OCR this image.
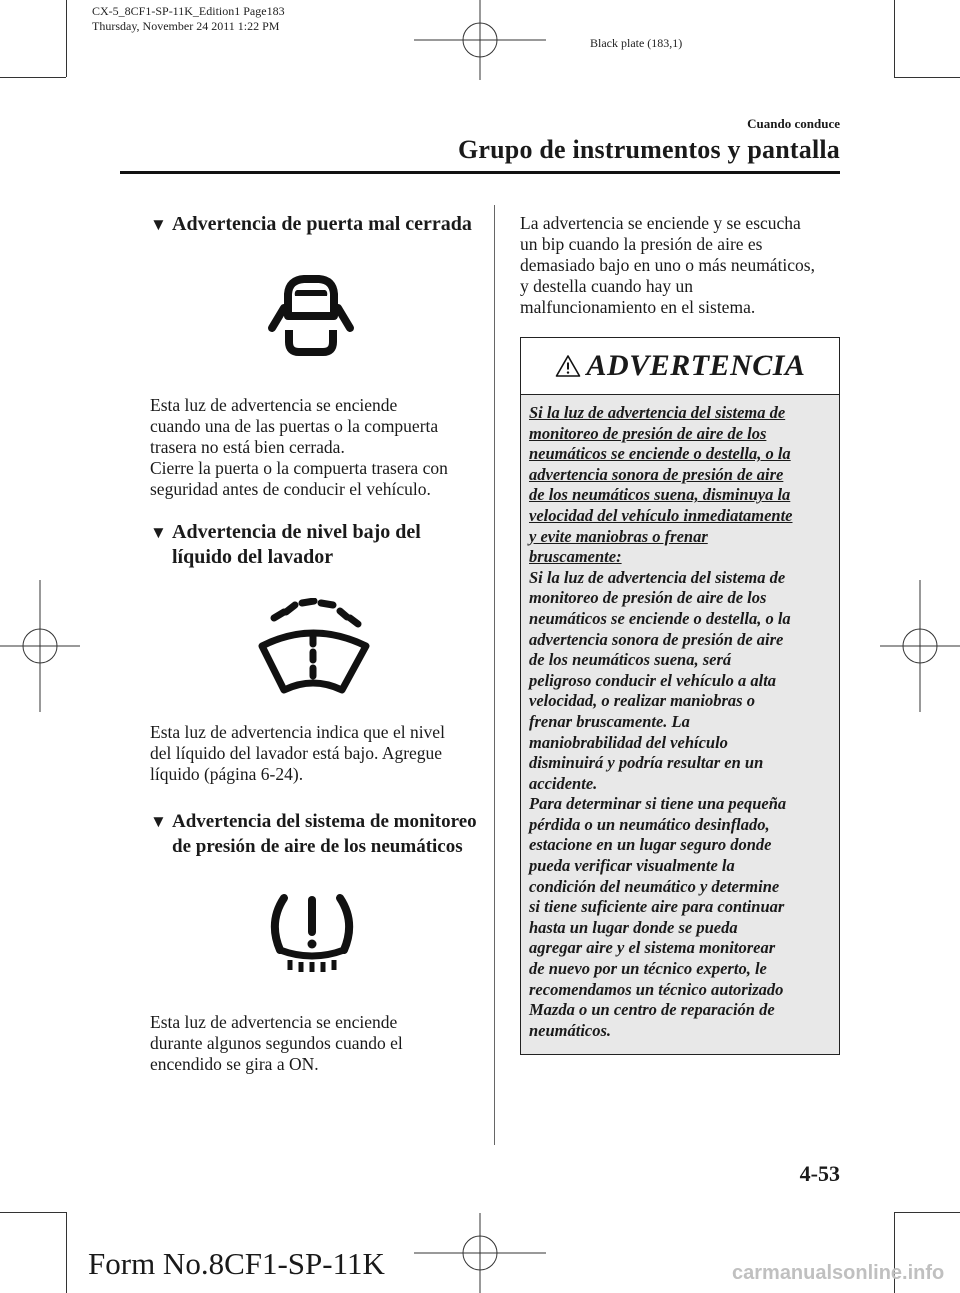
CX-5_8CF1-SP-11K_Edition1 Page183
Thursday, November 24 2011 1:22 PM
Black plate (183,1)
Cuando conduce
Grupo de instrumentos y pantalla
▼ Advertencia de puerta mal cerrada

Esta luz de advertencia se enciende

cuando una de las puertas o la compuerta

trasera no está bien cerrada.

Cierre la puerta o la compuerta trasera con

seguridad antes de conducir el vehículo.

▼ Advertencia de nivel bajo del
líquido del lavador

Esta luz de advertencia indica que el nivel

del líquido del lavador está bajo. Agregue

líquido (página 6-24).

▼ Advertencia del sistema de monitoreo
de presión de aire de los neumáticos

Esta luz de advertencia se enciende

durante algunos segundos cuando el

encendido se gira a ON.

La advertencia se enciende y se escucha

un bip cuando la presión de aire es

demasiado bajo en uno o más neumáticos,

y destella cuando hay un

malfuncionamiento en el sistema.

ADVERTENCIA

Si la luz de advertencia del sistema de

monitoreo de presión de aire de los

neumáticos se enciende o destella, o la

advertencia sonora de presión de aire

de los neumáticos suena, disminuya la

velocidad del vehículo inmediatamente

y evite maniobras o frenar

bruscamente:

Si la luz de advertencia del sistema de

monitoreo de presión de aire de los

neumáticos se enciende o destella, o la

advertencia sonora de presión de aire

de los neumáticos suena, será

peligroso conducir el vehículo a alta

velocidad, o realizar maniobras o

frenar bruscamente. La

maniobrabilidad del vehículo

disminuirá y podría resultar en un

accidente.

Para determinar si tiene una pequeña

pérdida o un neumático desinflado,

estacione en un lugar seguro donde

pueda verificar visualmente la

condición del neumático y determine

si tiene suficiente aire para continuar

hasta un lugar donde se pueda

agregar aire y el sistema monitorear

de nuevo por un técnico experto, le

recomendamos un técnico autorizado

Mazda o un centro de reparación de

neumáticos.

4-53
Form No.8CF1-SP-11K	carmanualsonline.info
